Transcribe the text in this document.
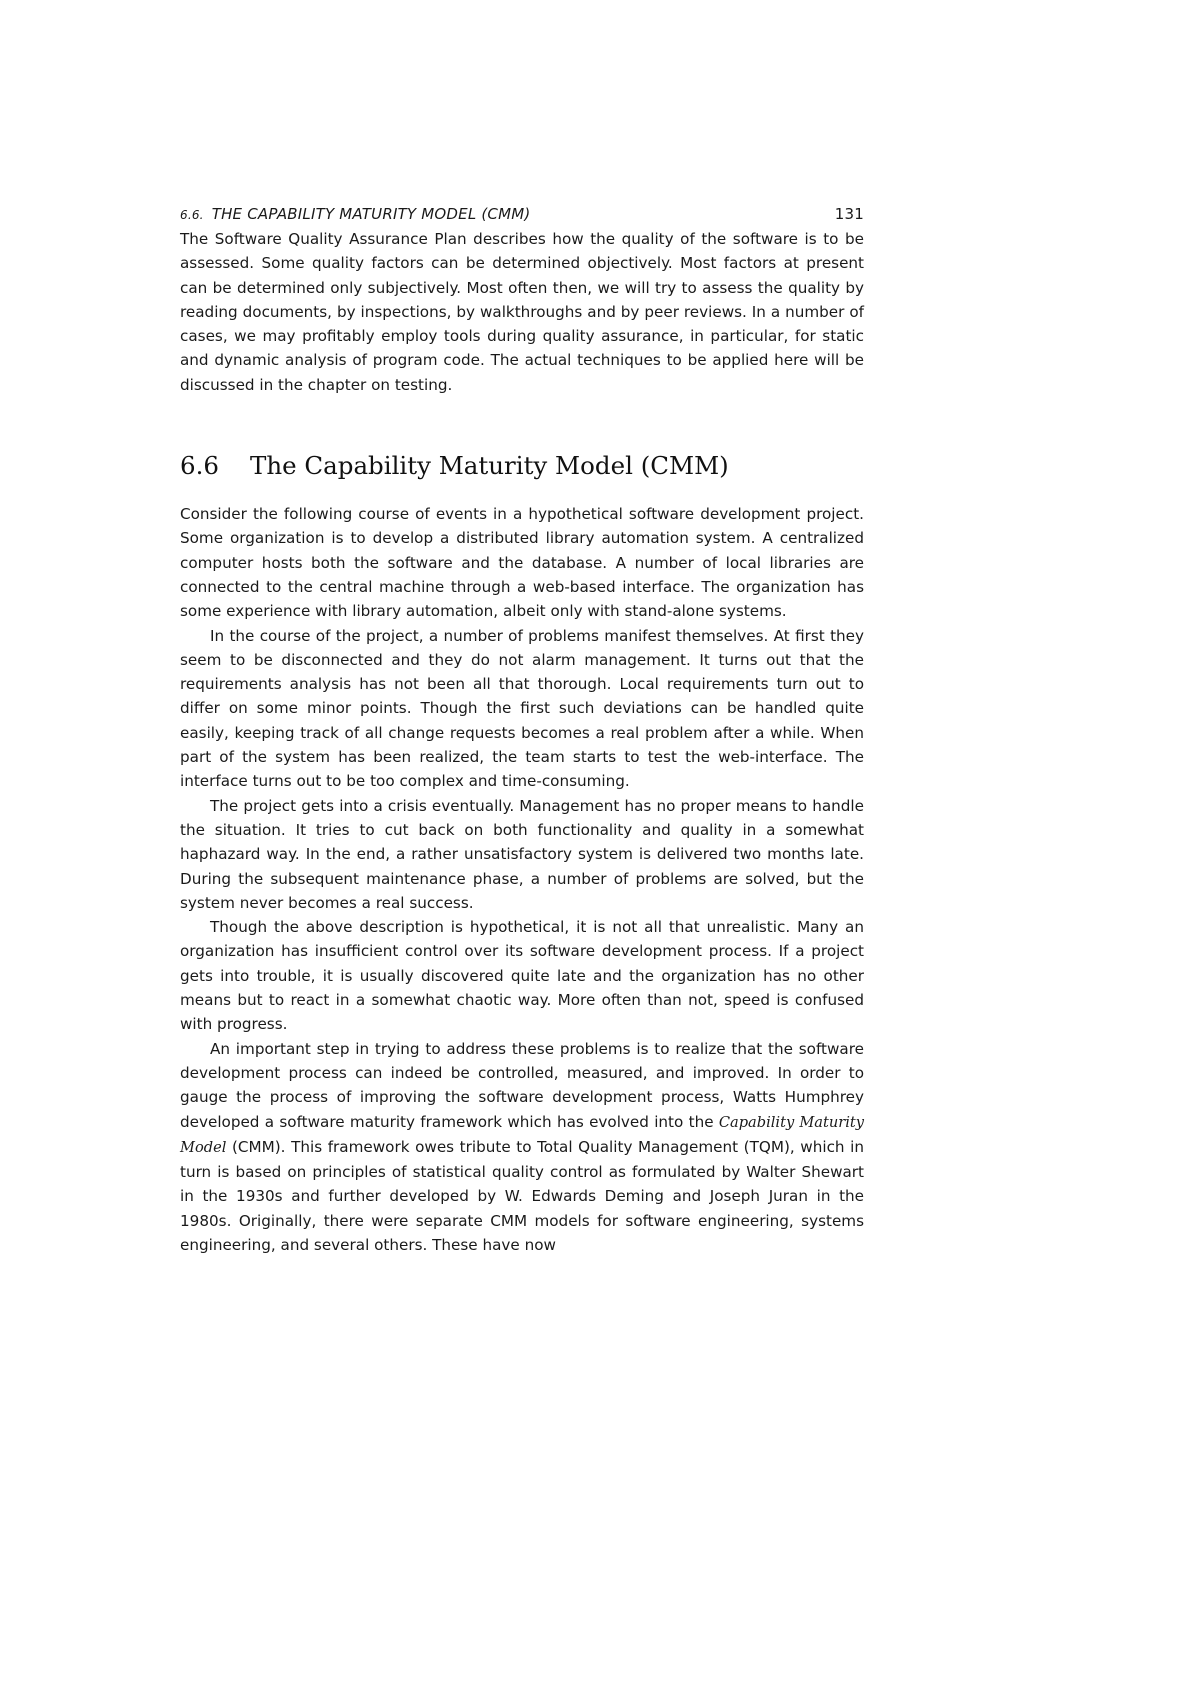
6.6. THE CAPABILITY MATURITY MODEL (CMM)	131

The Software Quality Assurance Plan describes how the quality of the software is to be assessed. Some quality factors can be determined objectively. Most factors at present can be determined only subjectively. Most often then, we will try to assess the quality by reading documents, by inspections, by walkthroughs and by peer reviews. In a number of cases, we may profitably employ tools during quality assurance, in particular, for static and dynamic analysis of program code. The actual techniques to be applied here will be discussed in the chapter on testing.

6.6	The Capability Maturity Model (CMM)

Consider the following course of events in a hypothetical software development project. Some organization is to develop a distributed library automation system. A centralized computer hosts both the software and the database. A number of local libraries are connected to the central machine through a web-based interface. The organization has some experience with library automation, albeit only with stand-alone systems.

In the course of the project, a number of problems manifest themselves. At first they seem to be disconnected and they do not alarm management. It turns out that the requirements analysis has not been all that thorough. Local requirements turn out to differ on some minor points. Though the first such deviations can be handled quite easily, keeping track of all change requests becomes a real problem after a while. When part of the system has been realized, the team starts to test the web-interface. The interface turns out to be too complex and time-consuming.

The project gets into a crisis eventually. Management has no proper means to handle the situation. It tries to cut back on both functionality and quality in a somewhat haphazard way. In the end, a rather unsatisfactory system is delivered two months late. During the subsequent maintenance phase, a number of problems are solved, but the system never becomes a real success.

Though the above description is hypothetical, it is not all that unrealistic. Many an organization has insufficient control over its software development process. If a project gets into trouble, it is usually discovered quite late and the organization has no other means but to react in a somewhat chaotic way. More often than not, speed is confused with progress.

An important step in trying to address these problems is to realize that the software development process can indeed be controlled, measured, and improved. In order to gauge the process of improving the software development process, Watts Humphrey developed a software maturity framework which has evolved into the Capability Maturity Model (CMM). This framework owes tribute to Total Quality Management (TQM), which in turn is based on principles of statistical quality control as formulated by Walter Shewart in the 1930s and further developed by W. Edwards Deming and Joseph Juran in the 1980s. Originally, there were separate CMM models for software engineering, systems engineering, and several others. These have now
